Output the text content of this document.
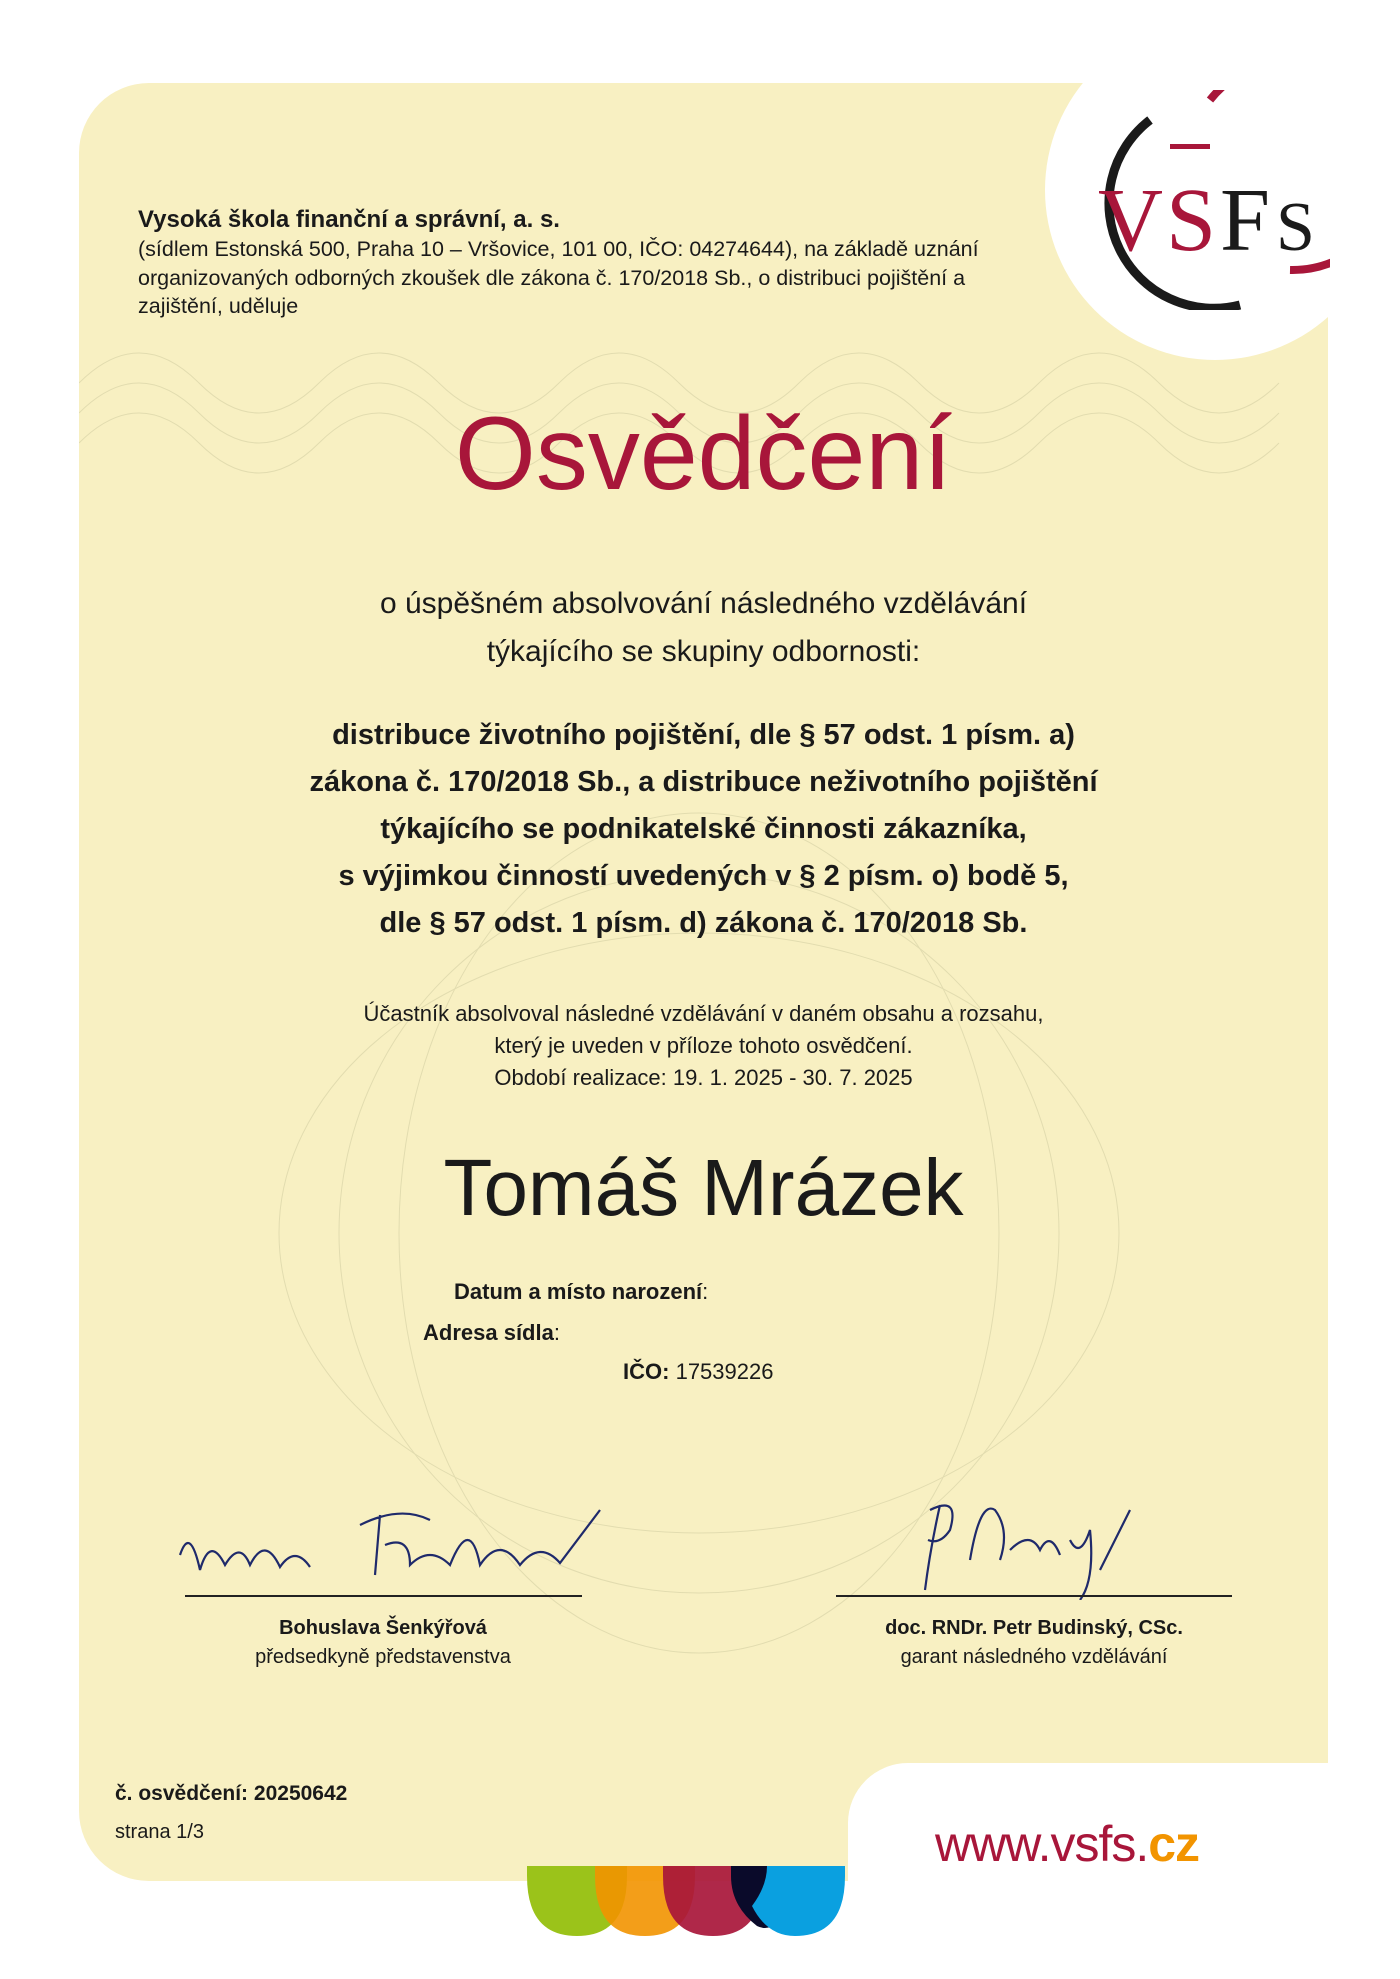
V S F S
Vysoká škola finanční a správní, a. s.
(sídlem Estonská 500, Praha 10 – Vršovice, 101 00, IČO: 04274644), na základě uznání organizovaných odborných zkoušek dle zákona č. 170/2018 Sb., o distribuci pojištění a zajištění, uděluje
Osvědčení
o úspěšném absolvování následného vzdělávání
týkajícího se skupiny odbornosti:
distribuce životního pojištění, dle § 57 odst. 1 písm. a)
zákona č. 170/2018 Sb., a distribuce neživotního pojištění
týkajícího se podnikatelské činnosti zákazníka,
s výjimkou činností uvedených v § 2 písm. o) bodě 5,
dle § 57 odst. 1 písm. d) zákona č. 170/2018 Sb.
Účastník absolvoval následné vzdělávání v daném obsahu a rozsahu,
který je uveden v příloze tohoto osvědčení.
Období realizace: 19. 1. 2025 - 30. 7. 2025
Tomáš Mrázek
Datum a místo narození:
Adresa sídla:
IČO: 17539226
Bohuslava Šenkýřová
předsedkyně představenstva
doc. RNDr. Petr Budinský, CSc.
garant následného vzdělávání
č. osvědčení: 20250642
strana 1/3	www.vsfs.cz
